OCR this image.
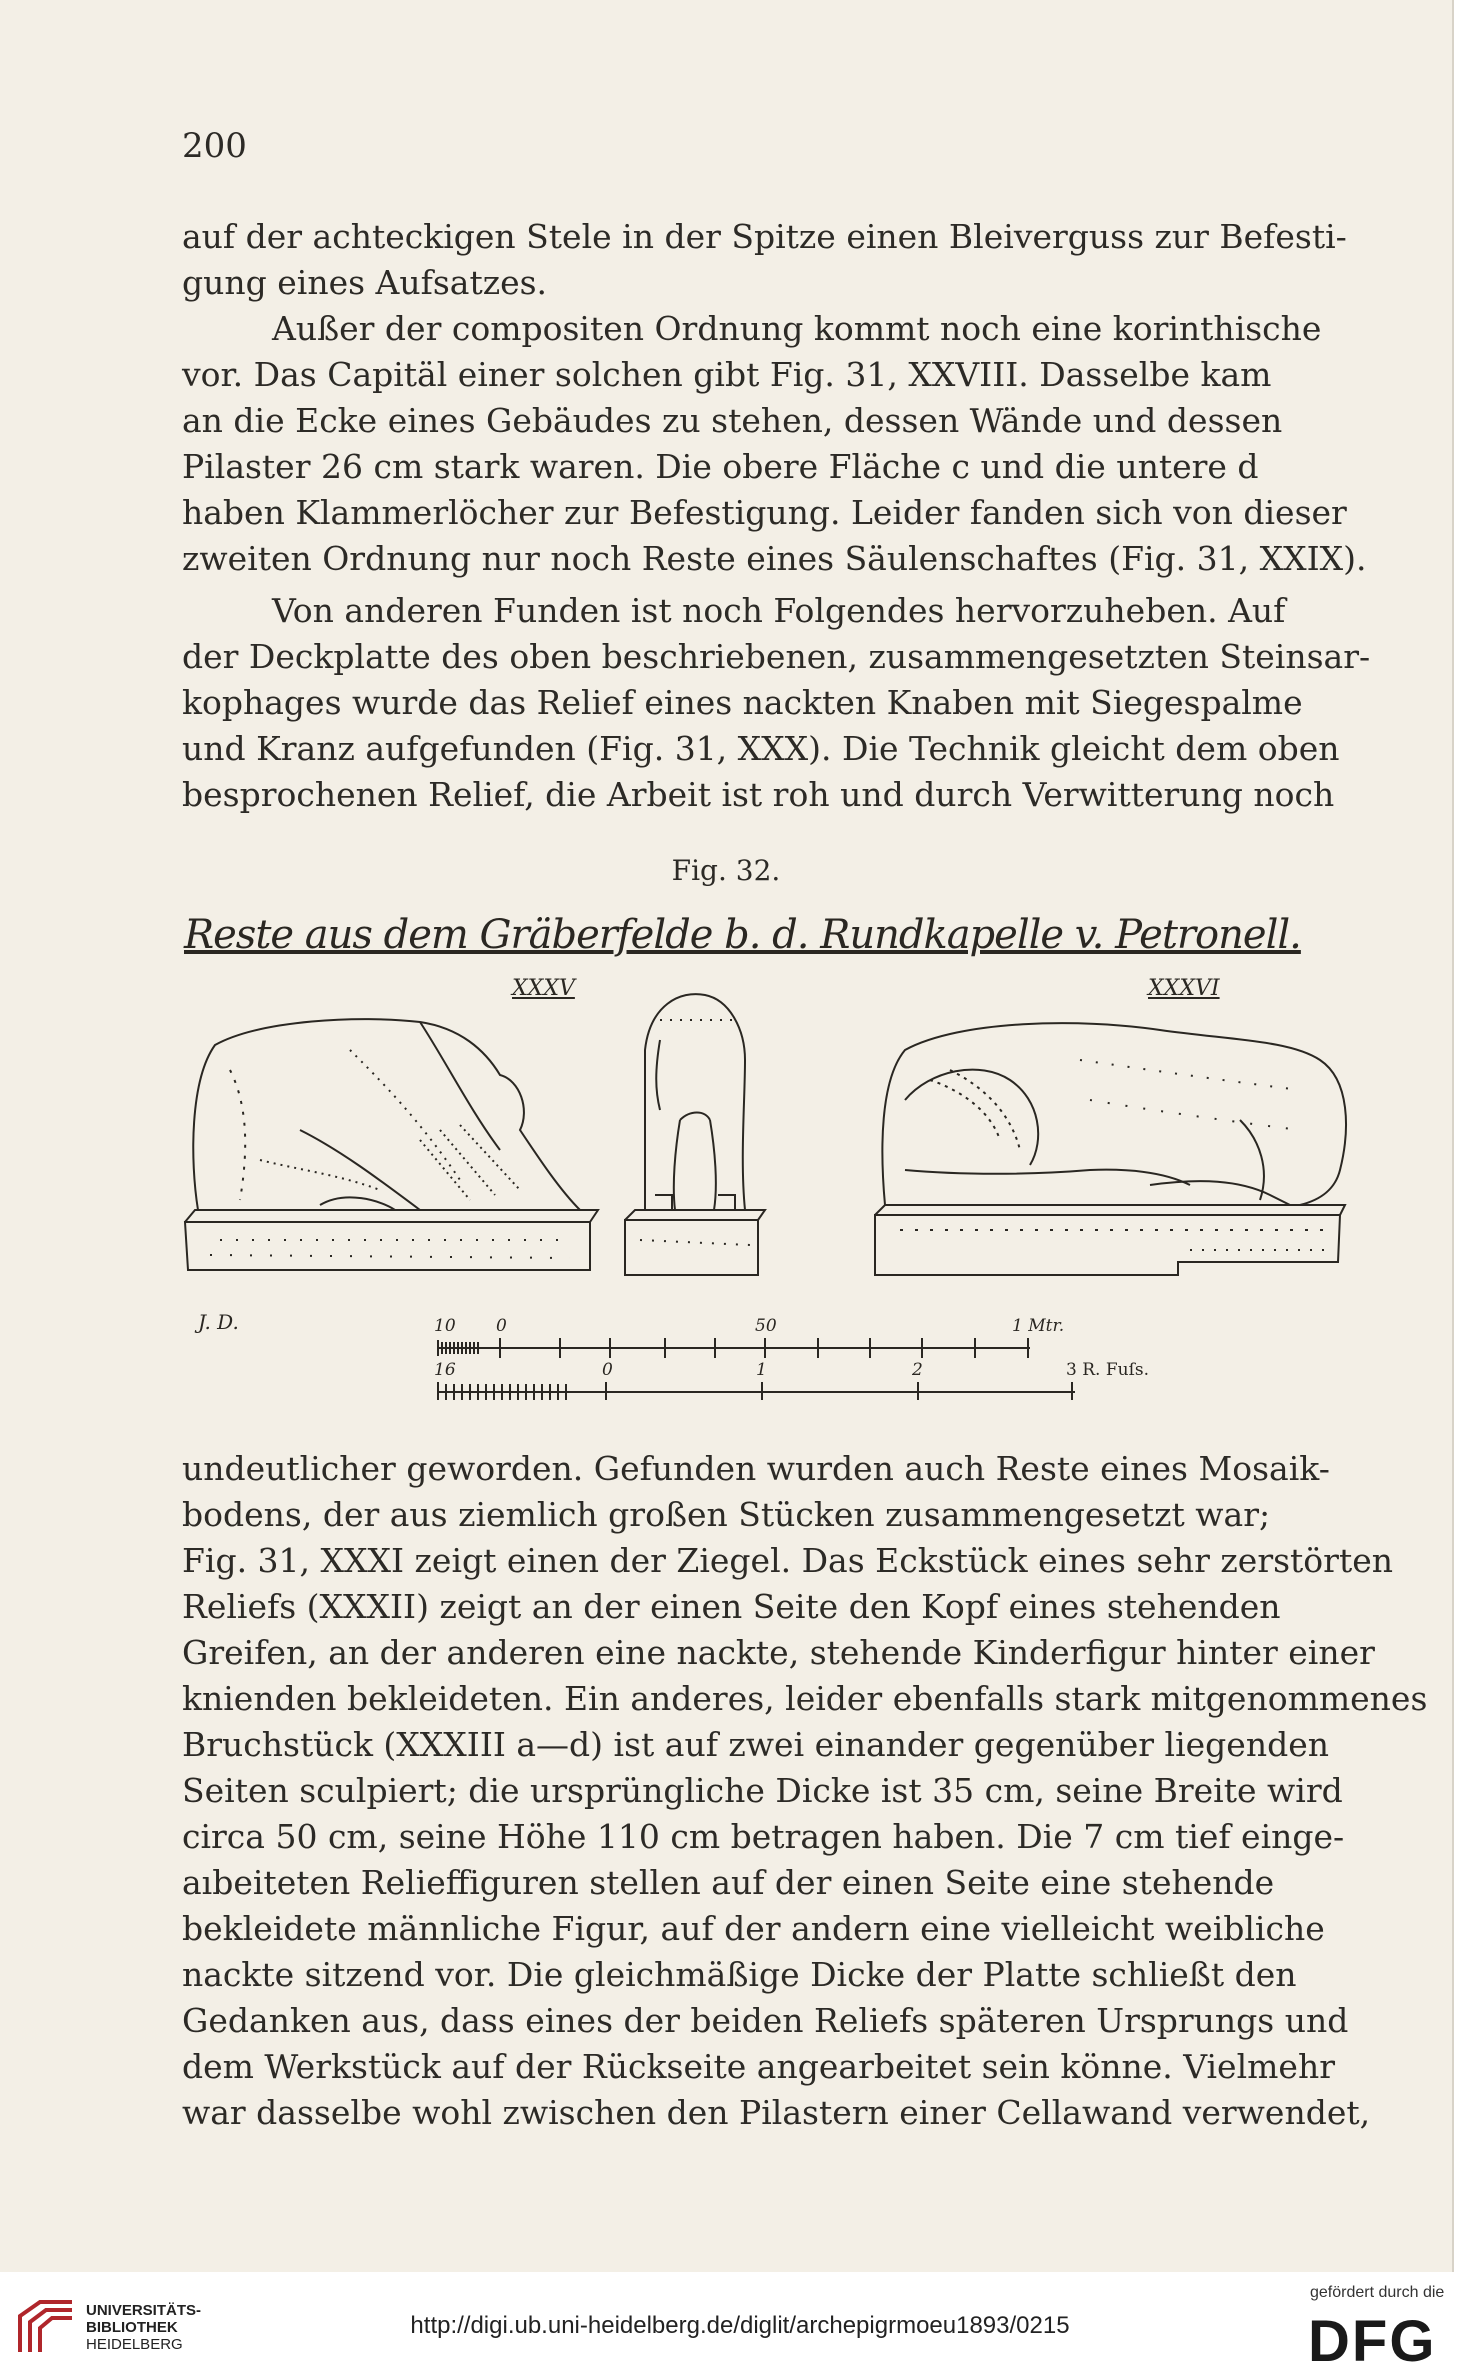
200

auf der achteckigen Stele in der Spitze einen Bleiverguss zur Befesti-
gung eines Aufsatzes.

Außer der compositen Ordnung kommt noch eine korinthische
vor. Das Capitäl einer solchen gibt Fig. 31, XXVIII. Dasselbe kam
an die Ecke eines Gebäudes zu stehen, dessen Wände und dessen
Pilaster 26 cm stark waren. Die obere Fläche c und die untere d
haben Klammerlöcher zur Befestigung. Leider fanden sich von dieser
zweiten Ordnung nur noch Reste eines Säulenschaftes (Fig. 31, XXIX).

Von anderen Funden ist noch Folgendes hervorzuheben. Auf
der Deckplatte des oben beschriebenen, zusammengesetzten Steinsar-
kophages wurde das Relief eines nackten Knaben mit Siegespalme
und Kranz aufgefunden (Fig. 31, XXX). Die Technik gleicht dem oben
besprochenen Relief, die Arbeit ist roh und durch Verwitterung noch

Fig. 32.
Reste aus dem Gräberfelde b. d. Rundkapelle v. Petronell.
XXXV	XXXVI
J. D.	10 0	50	1 Mtr.
16	0	1	2	3 R. Fuſs.

undeutlicher geworden. Gefunden wurden auch Reste eines Mosaik-
bodens, der aus ziemlich großen Stücken zusammengesetzt war;
Fig. 31, XXXI zeigt einen der Ziegel. Das Eckstück eines sehr zerstörten
Reliefs (XXXII) zeigt an der einen Seite den Kopf eines stehenden
Greifen, an der anderen eine nackte, stehende Kinderfigur hinter einer
knienden bekleideten. Ein anderes, leider ebenfalls stark mitgenommenes
Bruchstück (XXXIII a—d) ist auf zwei einander gegenüber liegenden
Seiten sculpiert; die ursprüngliche Dicke ist 35 cm, seine Breite wird
circa 50 cm, seine Höhe 110 cm betragen haben. Die 7 cm tief einge-
aıbeiteten Relieffiguren stellen auf der einen Seite eine stehende
bekleidete männliche Figur, auf der andern eine vielleicht weibliche
nackte sitzend vor. Die gleichmäßige Dicke der Platte schließt den
Gedanken aus, dass eines der beiden Reliefs späteren Ursprungs und
dem Werkstück auf der Rückseite angearbeitet sein könne. Vielmehr
war dasselbe wohl zwischen den Pilastern einer Cellawand verwendet,

UNIVERSITÄTS-
BIBLIOTHEK
HEIDELBERG
http://digi.ub.uni-heidelberg.de/diglit/archepigrmoeu1893/0215
gefördert durch die
DFG
